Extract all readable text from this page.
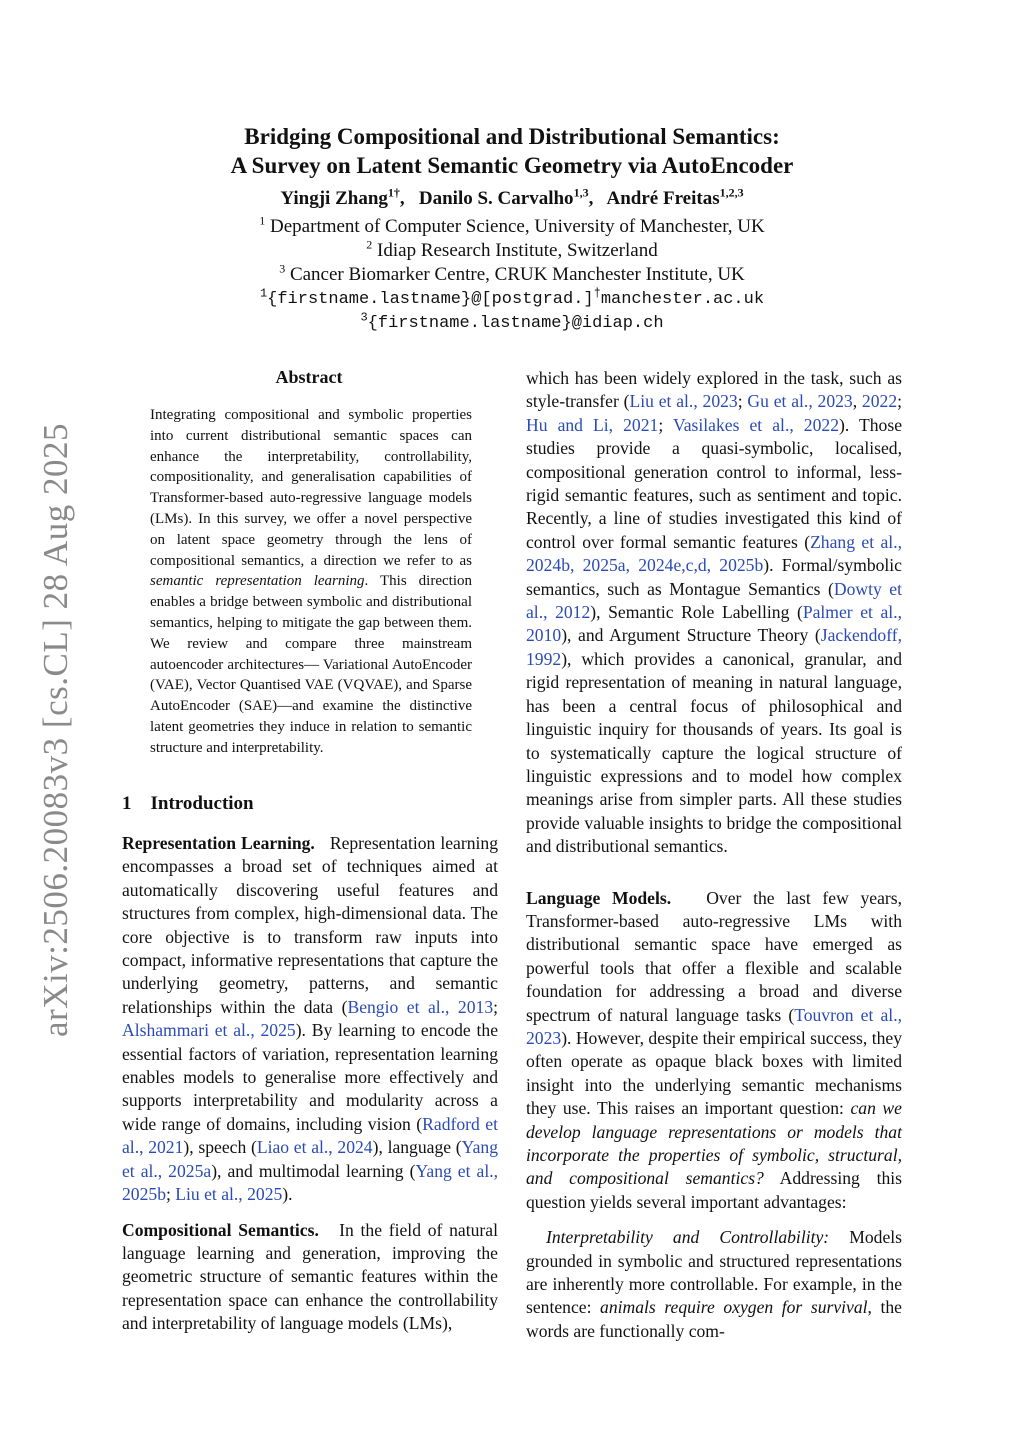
arXiv:2506.20083v3 [cs.CL] 28 Aug 2025
Bridging Compositional and Distributional Semantics:
A Survey on Latent Semantic Geometry via AutoEncoder
Yingji Zhang$^{1\dagger}$,   Danilo S. Carvalho$^{1,3}$,   André Freitas$^{1,2,3}$
$^1$ Department of Computer Science, University of Manchester, UK
$^2$ Idiap Research Institute, Switzerland
$^3$ Cancer Biomarker Centre, CRUK Manchester Institute, UK
$^1${firstname.lastname}@[postgrad.]†manchester.ac.uk
$^3${firstname.lastname}@idiap.ch
Abstract
Integrating compositional and symbolic properties into current distributional semantic spaces can enhance the interpretability, controllability, compositionality, and generalisation capabilities of Transformer-based auto-regressive language models (LMs). In this survey, we offer a novel perspective on latent space geometry through the lens of compositional semantics, a direction we refer to as semantic representation learning. This direction enables a bridge between symbolic and distributional semantics, helping to mitigate the gap between them. We review and compare three mainstream autoencoder architectures— Variational AutoEncoder (VAE), Vector Quantised VAE (VQVAE), and Sparse AutoEncoder (SAE)—and examine the distinctive latent geometries they induce in relation to semantic structure and interpretability.
1 Introduction

Representation Learning. Representation learning encompasses a broad set of techniques aimed at automatically discovering useful features and structures from complex, high-dimensional data. The core objective is to transform raw inputs into compact, informative representations that capture the underlying geometry, patterns, and semantic relationships within the data (Bengio et al., 2013; Alshammari et al., 2025). By learning to encode the essential factors of variation, representation learning enables models to generalise more effectively and supports interpretability and modularity across a wide range of domains, including vision (Radford et al., 2021), speech (Liao et al., 2024), language (Yang et al., 2025a), and multimodal learning (Yang et al., 2025b; Liu et al., 2025).

Compositional Semantics. In the field of natural language learning and generation, improving the geometric structure of semantic features within the representation space can enhance the controllability and interpretability of language models (LMs),

which has been widely explored in the task, such as style-transfer (Liu et al., 2023; Gu et al., 2023, 2022; Hu and Li, 2021; Vasilakes et al., 2022). Those studies provide a quasi-symbolic, localised, compositional generation control to informal, less-rigid semantic features, such as sentiment and topic. Recently, a line of studies investigated this kind of control over formal semantic features (Zhang et al., 2024b, 2025a, 2024e,c,d, 2025b). Formal/symbolic semantics, such as Montague Semantics (Dowty et al., 2012), Semantic Role Labelling (Palmer et al., 2010), and Argument Structure Theory (Jackendoff, 1992), which provides a canonical, granular, and rigid representation of meaning in natural language, has been a central focus of philosophical and linguistic inquiry for thousands of years. Its goal is to systematically capture the logical structure of linguistic expressions and to model how complex meanings arise from simpler parts. All these studies provide valuable insights to bridge the compositional and distributional semantics.

Language Models. Over the last few years, Transformer-based auto-regressive LMs with distributional semantic space have emerged as powerful tools that offer a flexible and scalable foundation for addressing a broad and diverse spectrum of natural language tasks (Touvron et al., 2023). However, despite their empirical success, they often operate as opaque black boxes with limited insight into the underlying semantic mechanisms they use. This raises an important question: can we develop language representations or models that incorporate the properties of symbolic, structural, and compositional semantics? Addressing this question yields several important advantages:

Interpretability and Controllability: Models grounded in symbolic and structured representations are inherently more controllable. For example, in the sentence: animals require oxygen for survival, the words are functionally com-
